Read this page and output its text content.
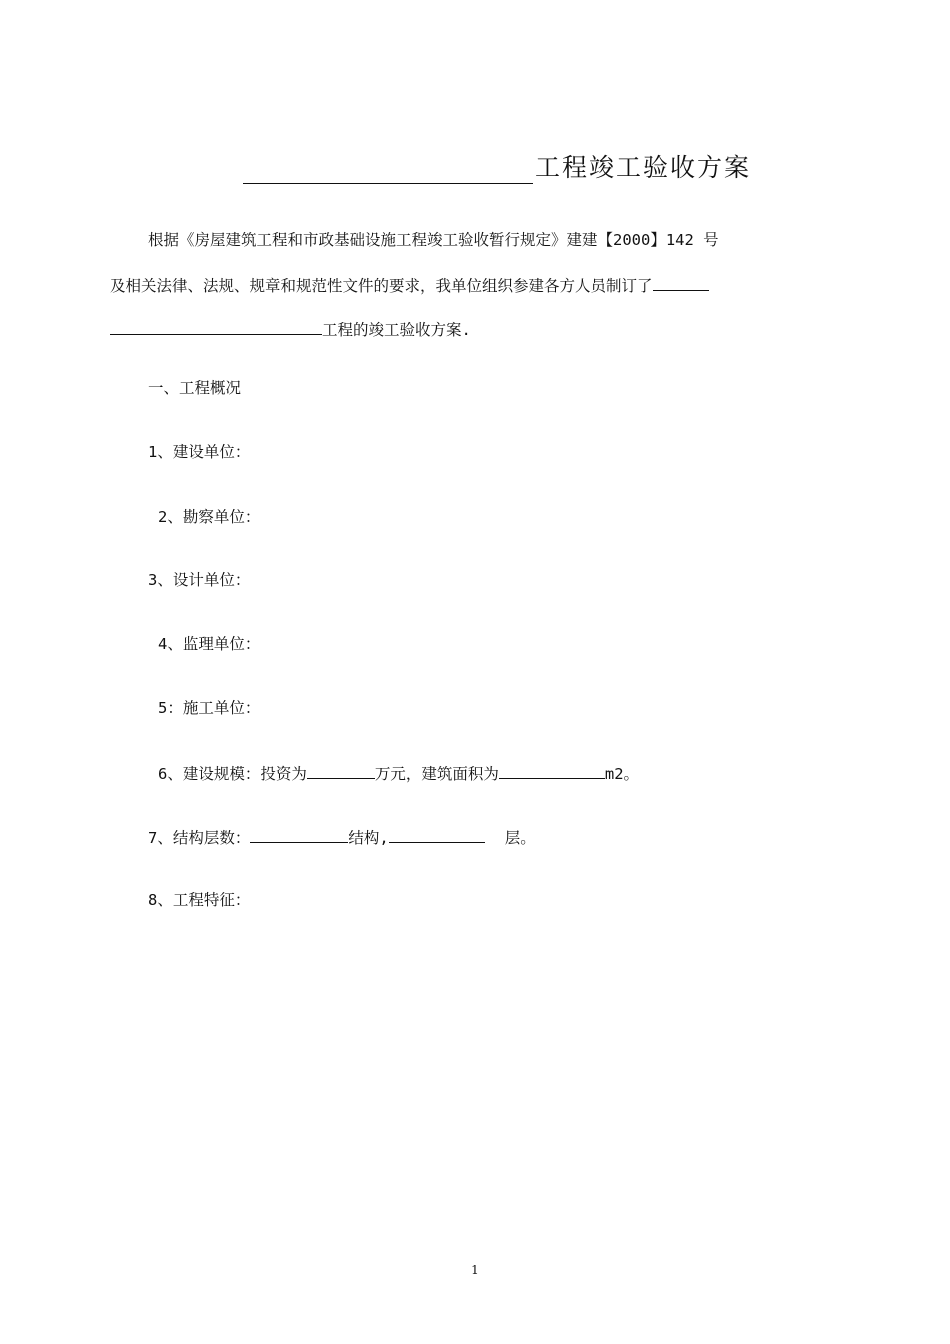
工程竣工验收方案
根据《房屋建筑工程和市政基础设施工程竣工验收暂行规定》建建【2000】142 号
及相关法律、法规、规章和规范性文件的要求，我单位组织参建各方人员制订了
工程的竣工验收方案.
一、工程概况
1、建设单位：
2、勘察单位：
3、设计单位：
4、监理单位：
5：施工单位：
6、建设规模：投资为	万元，建筑面积为	m2。
7、结构层数：	结构,	层。
8、工程特征：
1
